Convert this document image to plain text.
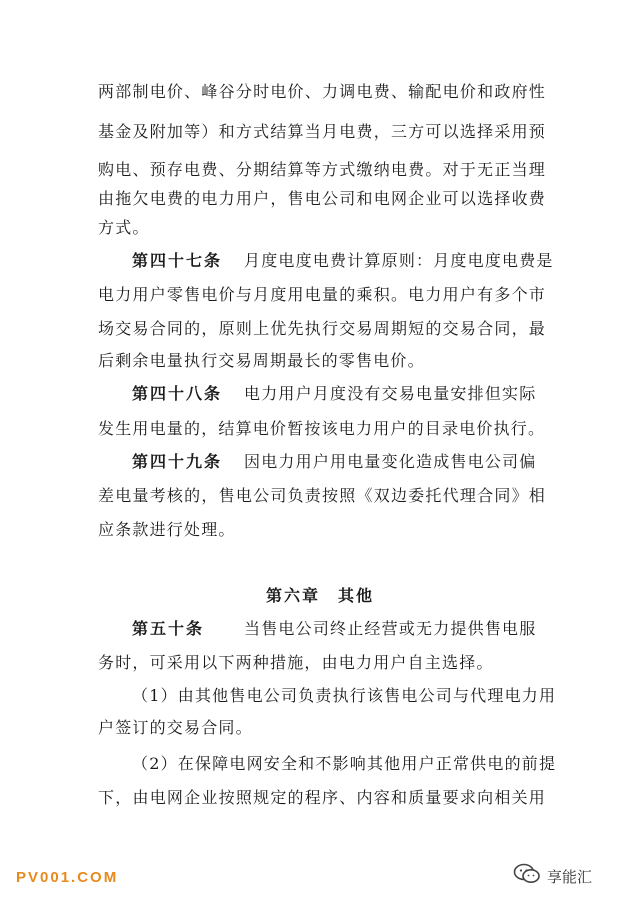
两部制电价、峰谷分时电价、力调电费、输配电价和政府性
基金及附加等）和方式结算当月电费，三方可以选择采用预
购电、预存电费、分期结算等方式缴纳电费。对于无正当理
由拖欠电费的电力用户，售电公司和电网企业可以选择收费
方式。
第四十七条 月度电度电费计算原则：月度电度电费是
电力用户零售电价与月度用电量的乘积。电力用户有多个市
场交易合同的，原则上优先执行交易周期短的交易合同，最
后剩余电量执行交易周期最长的零售电价。
第四十八条 电力用户月度没有交易电量安排但实际
发生用电量的，结算电价暂按该电力用户的目录电价执行。
第四十九条 因电力用户用电量变化造成售电公司偏
差电量考核的，售电公司负责按照《双边委托代理合同》相
应条款进行处理。
第六章　其他
第五十条	当售电公司终止经营或无力提供售电服
务时，可采用以下两种措施，由电力用户自主选择。
（1）由其他售电公司负责执行该售电公司与代理电力用
户签订的交易合同。
（2）在保障电网安全和不影响其他用户正常供电的前提
下，由电网企业按照规定的程序、内容和质量要求向相关用
PV001.COM	享能汇
